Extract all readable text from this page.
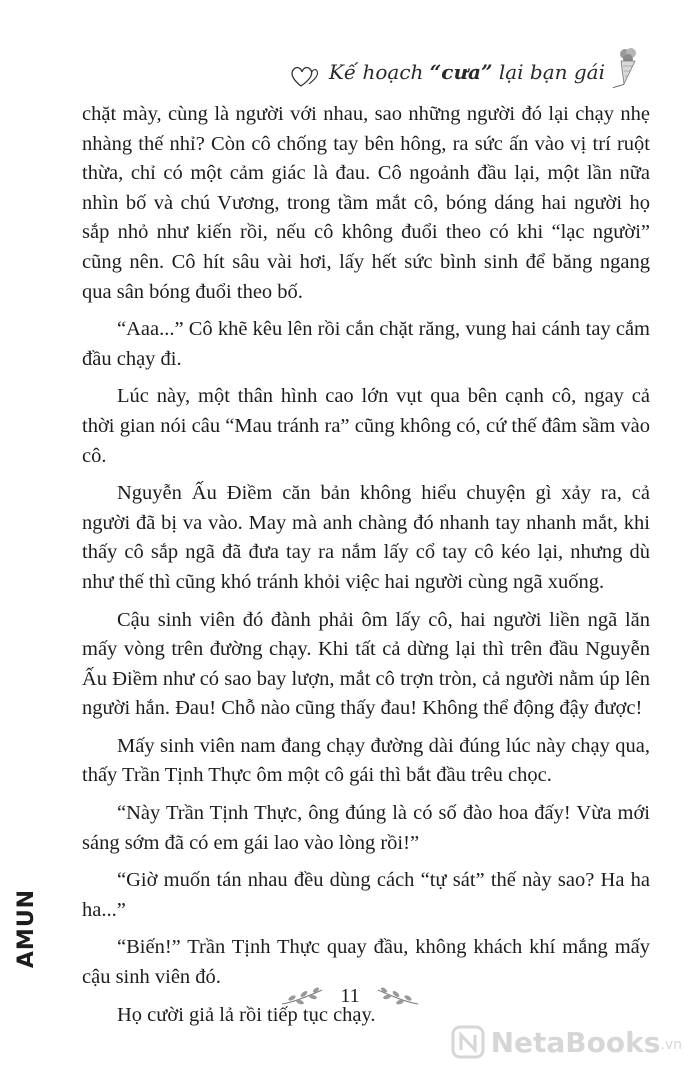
Kế hoạch “cưa” lại bạn gái

chặt mày, cùng là người với nhau, sao những người đó lại chạy nhẹ nhàng thế nhỉ? Còn cô chống tay bên hông, ra sức ấn vào vị trí ruột thừa, chỉ có một cảm giác là đau. Cô ngoảnh đầu lại, một lần nữa nhìn bố và chú Vương, trong tầm mắt cô, bóng dáng hai người họ sắp nhỏ như kiến rồi, nếu cô không đuổi theo có khi “lạc người” cũng nên. Cô hít sâu vài hơi, lấy hết sức bình sinh để băng ngang qua sân bóng đuổi theo bố.

“Aaa...” Cô khẽ kêu lên rồi cắn chặt răng, vung hai cánh tay cắm đầu chạy đi.

Lúc này, một thân hình cao lớn vụt qua bên cạnh cô, ngay cả thời gian nói câu “Mau tránh ra” cũng không có, cứ thế đâm sầm vào cô.

Nguyễn Ấu Điềm căn bản không hiểu chuyện gì xảy ra, cả người đã bị va vào. May mà anh chàng đó nhanh tay nhanh mắt, khi thấy cô sắp ngã đã đưa tay ra nắm lấy cổ tay cô kéo lại, nhưng dù như thế thì cũng khó tránh khỏi việc hai người cùng ngã xuống.

Cậu sinh viên đó đành phải ôm lấy cô, hai người liền ngã lăn mấy vòng trên đường chạy. Khi tất cả dừng lại thì trên đầu Nguyễn Ấu Điềm như có sao bay lượn, mắt cô trợn tròn, cả người nằm úp lên người hắn. Đau! Chỗ nào cũng thấy đau! Không thể động đậy được!

Mấy sinh viên nam đang chạy đường dài đúng lúc này chạy qua, thấy Trần Tịnh Thực ôm một cô gái thì bắt đầu trêu chọc.

“Này Trần Tịnh Thực, ông đúng là có số đào hoa đấy! Vừa mới sáng sớm đã có em gái lao vào lòng rồi!”

“Giờ muốn tán nhau đều dùng cách “tự sát” thế này sao? Ha ha ha...”

“Biến!” Trần Tịnh Thực quay đầu, không khách khí mắng mấy cậu sinh viên đó.

Họ cười giả lả rồi tiếp tục chạy.

AMUN
11
NetaBooks .vn
